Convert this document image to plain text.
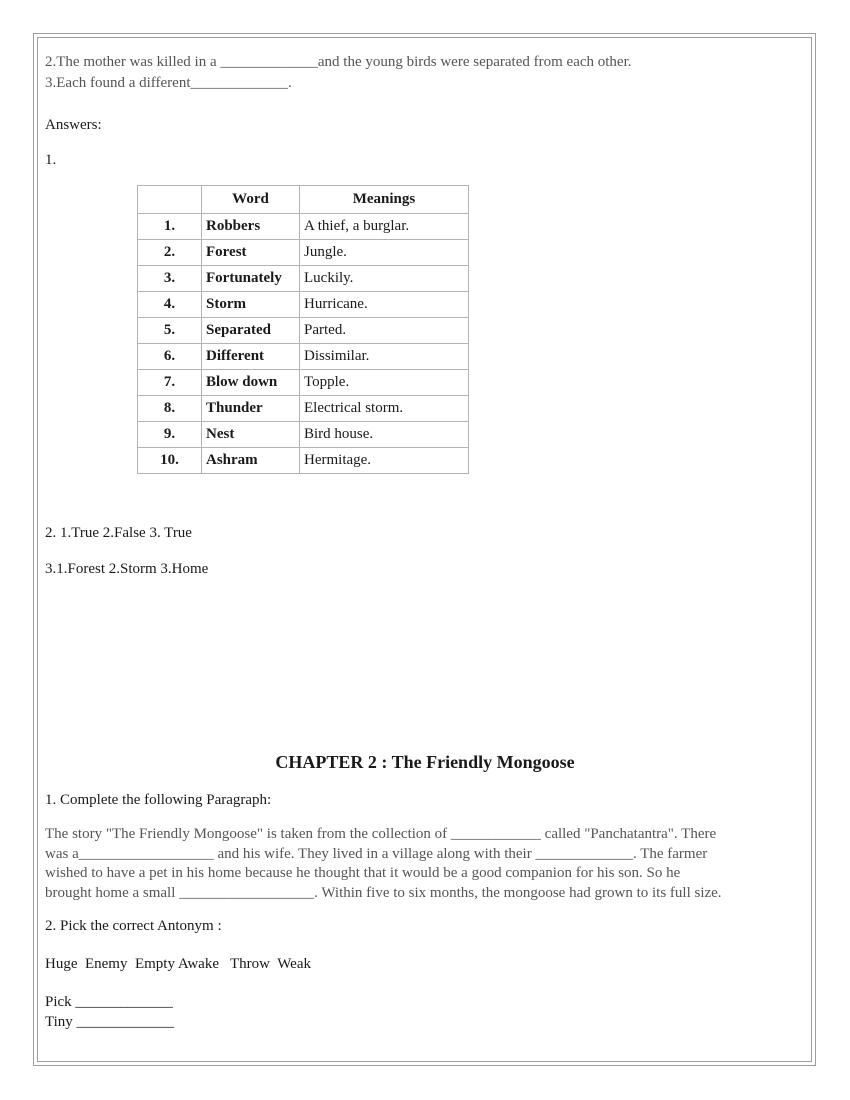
2.The mother was killed in a _____________and the young birds were separated from each other.
3.Each found a different_____________.
Answers:
1.
	Word	Meanings
1.	Robbers	A thief, a burglar.
2.	Forest	Jungle.
3.	Fortunately	Luckily.
4.	Storm	Hurricane.
5.	Separated	Parted.
6.	Different	Dissimilar.
7.	Blow down	Topple.
8.	Thunder	Electrical storm.
9.	Nest	Bird house.
10.	Ashram	Hermitage.
2. 1.True 2.False 3. True
3.1.Forest 2.Storm 3.Home
CHAPTER 2 : The Friendly Mongoose
1. Complete the following Paragraph:
The story "The Friendly Mongoose" is taken from the collection of ____________ called "Panchatantra". There
was a__________________ and his wife. They lived in a village along with their _____________. The farmer
wished to have a pet in his home because he thought that it would be a good companion for his son. So he
brought home a small __________________. Within five to six months, the mongoose had grown to its full size.
2. Pick the correct Antonym :
Huge  Enemy  Empty Awake   Throw  Weak
Pick _____________
Tiny _____________
